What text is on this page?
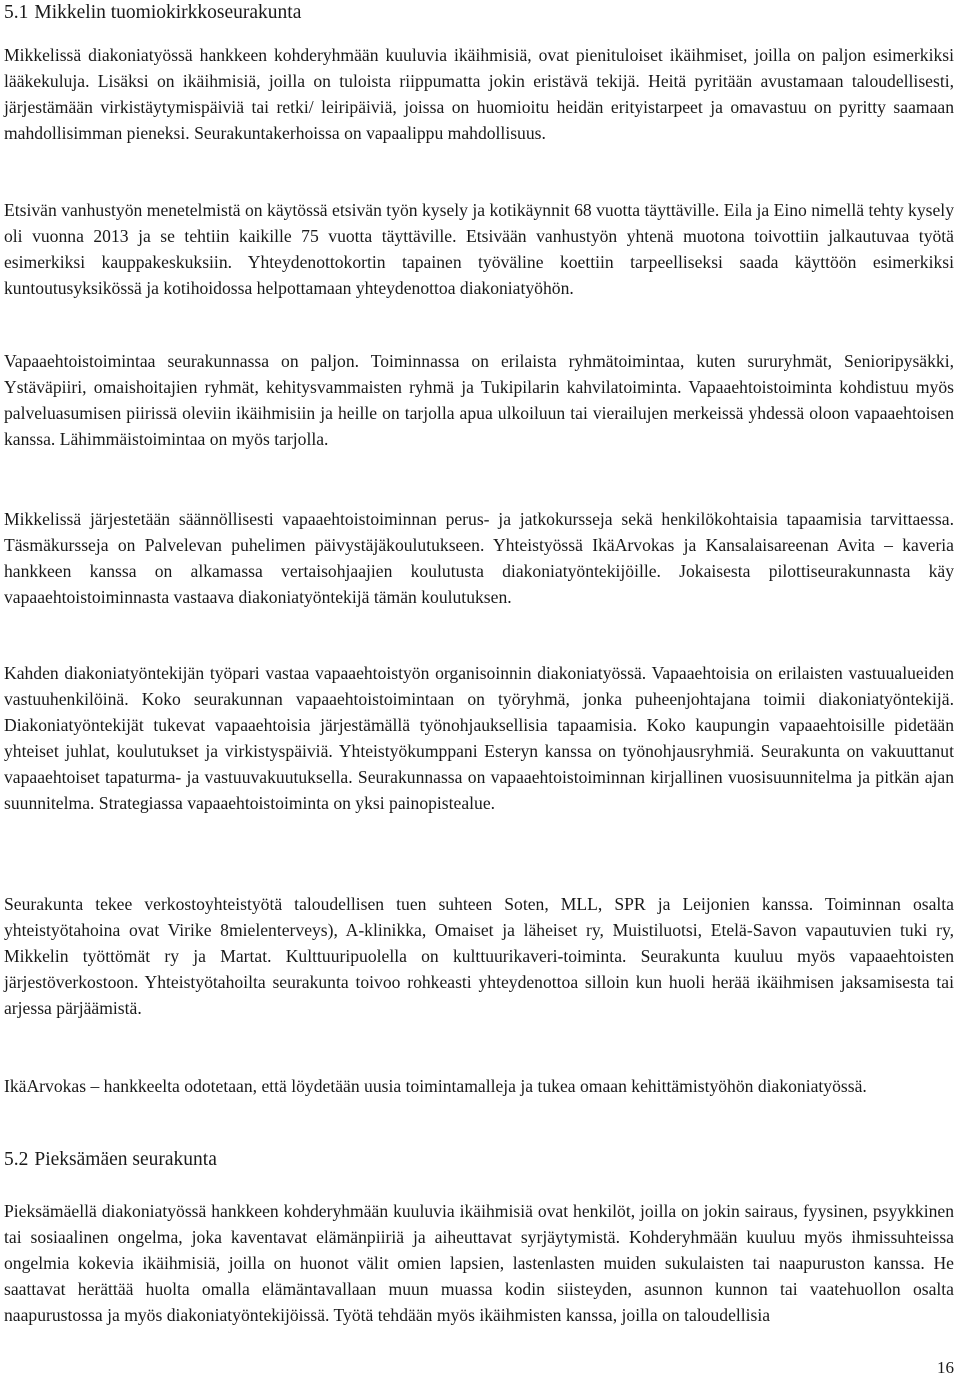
5.1 Mikkelin tuomiokirkkoseurakunta

Mikkelissä diakoniatyössä hankkeen kohderyhmään kuuluvia ikäihmisiä, ovat pienituloiset ikäihmiset, joilla on paljon esimerkiksi lääkekuluja. Lisäksi on ikäihmisiä, joilla on tuloista riippumatta jokin eristävä tekijä. Heitä pyritään avustamaan taloudellisesti, järjestämään virkistäytymispäiviä tai retki/ leiripäiviä, joissa on huomioitu heidän erityistarpeet ja omavastuu on pyritty saamaan mahdollisimman pieneksi. Seurakuntakerhoissa on vapaalippu mahdollisuus.

Etsivän vanhustyön menetelmistä on käytössä etsivän työn kysely ja kotikäynnit 68 vuotta täyttäville. Eila ja Eino nimellä tehty kysely oli vuonna 2013 ja se tehtiin kaikille 75 vuotta täyttäville. Etsivään vanhustyön yhtenä muotona toivottiin jalkautuvaa työtä esimerkiksi kauppakeskuksiin. Yhteydenottokortin tapainen työväline koettiin tarpeelliseksi saada käyttöön esimerkiksi kuntoutusyksikössä ja kotihoidossa helpottamaan yhteydenottoa diakoniatyöhön.

Vapaaehtoistoimintaa seurakunnassa on paljon. Toiminnassa on erilaista ryhmätoimintaa, kuten sururyhmät, Senioripysäkki, Ystäväpiiri, omaishoitajien ryhmät, kehitysvammaisten ryhmä ja Tukipilarin kahvilatoiminta. Vapaaehtoistoiminta kohdistuu myös palveluasumisen piirissä oleviin ikäihmisiin ja heille on tarjolla apua ulkoiluun tai vierailujen merkeissä yhdessä oloon vapaaehtoisen kanssa. Lähimmäistoimintaa on myös tarjolla.

Mikkelissä järjestetään säännöllisesti vapaaehtoistoiminnan perus- ja jatkokursseja sekä henkilökohtaisia tapaamisia tarvittaessa. Täsmäkursseja on Palvelevan puhelimen päivystäjäkoulutukseen. Yhteistyössä IkäArvokas ja Kansalaisareenan Avita – kaveria hankkeen kanssa on alkamassa vertaisohjaajien koulutusta diakoniatyöntekijöille. Jokaisesta pilottiseurakunnasta käy vapaaehtoistoiminnasta vastaava diakoniatyöntekijä tämän koulutuksen.

Kahden diakoniatyöntekijän työpari vastaa vapaaehtoistyön organisoinnin diakoniatyössä. Vapaaehtoisia on erilaisten vastuualueiden vastuuhenkilöinä. Koko seurakunnan vapaaehtoistoimintaan on työryhmä, jonka puheenjohtajana toimii diakoniatyöntekijä. Diakoniatyöntekijät tukevat vapaaehtoisia järjestämällä työnohjauksellisia tapaamisia. Koko kaupungin vapaaehtoisille pidetään yhteiset juhlat, koulutukset ja virkistyspäiviä. Yhteistyökumppani Esteryn kanssa on työnohjausryhmiä. Seurakunta on vakuuttanut vapaaehtoiset tapaturma- ja vastuuvakuutuksella. Seurakunnassa on vapaaehtoistoiminnan kirjallinen vuosisuunnitelma ja pitkän ajan suunnitelma. Strategiassa vapaaehtoistoiminta on yksi painopistealue.

Seurakunta tekee verkostoyhteistyötä taloudellisen tuen suhteen Soten, MLL, SPR ja Leijonien kanssa. Toiminnan osalta yhteistyötahoina ovat Virike 8mielenterveys), A-klinikka, Omaiset ja läheiset ry, Muistiluotsi, Etelä-Savon vapautuvien tuki ry, Mikkelin työttömät ry ja Martat. Kulttuuripuolella on kulttuurikaveri-toiminta. Seurakunta kuuluu myös vapaaehtoisten järjestöverkostoon. Yhteistyötahoilta seurakunta toivoo rohkeasti yhteydenottoa silloin kun huoli herää ikäihmisen jaksamisesta tai arjessa pärjäämistä.

IkäArvokas – hankkeelta odotetaan, että löydetään uusia toimintamalleja ja tukea omaan kehittämistyöhön diakoniatyössä.

5.2 Pieksämäen seurakunta

Pieksämäellä diakoniatyössä hankkeen kohderyhmään kuuluvia ikäihmisiä ovat henkilöt, joilla on jokin sairaus, fyysinen, psyykkinen tai sosiaalinen ongelma, joka kaventavat elämänpiiriä ja aiheuttavat syrjäytymistä. Kohderyhmään kuuluu myös ihmissuhteissa ongelmia kokevia ikäihmisiä, joilla on huonot välit omien lapsien, lastenlasten muiden sukulaisten tai naapuruston kanssa. He saattavat herättää huolta omalla elämäntavallaan muun muassa kodin siisteyden, asunnon kunnon tai vaatehuollon osalta naapurustossa ja myös diakoniatyöntekijöissä. Työtä tehdään myös ikäihmisten kanssa, joilla on taloudellisia

16
